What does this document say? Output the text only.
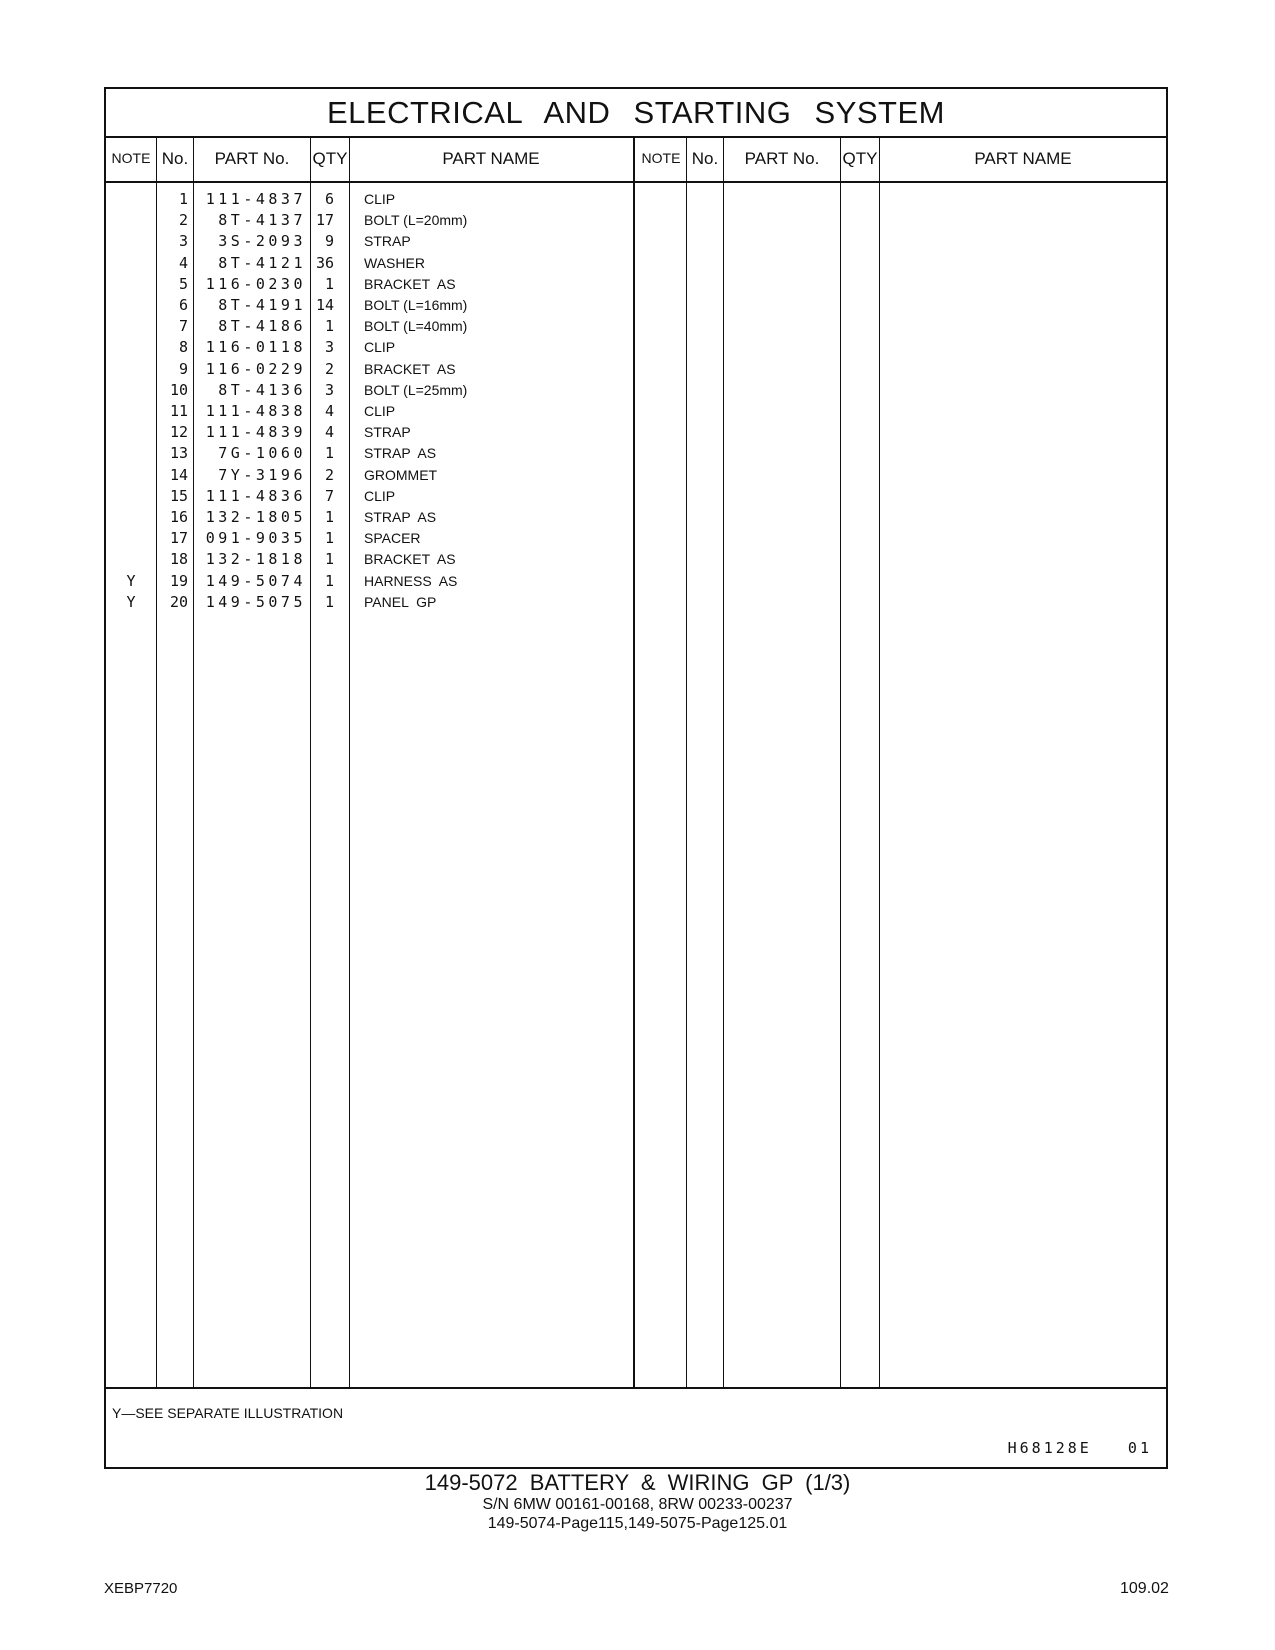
ELECTRICAL AND STARTING SYSTEM
NOTE No.	PART No.	QTY	PART NAME	NOTE No.	PART No.	QTY	PART NAME
1	111-4837	6 CLIP
2	8T-4137 17 BOLT (L=20mm)
3	3S-2093	9 STRAP
4	8T-4121 36 WASHER
5	116-0230	1 BRACKET  AS
6	8T-4191 14 BOLT (L=16mm)
7	8T-4186	1 BOLT (L=40mm)
8	116-0118	3 CLIP
9	116-0229	2 BRACKET  AS
10	8T-4136	3 BOLT (L=25mm)
11	111-4838	4 CLIP
12	111-4839	4 STRAP
13	7G-1060	1 STRAP  AS
14	7Y-3196	2 GROMMET
15	111-4836	7 CLIP
16	132-1805	1 STRAP  AS
17	091-9035	1 SPACER
18	132-1818	1 BRACKET  AS
Y	19	149-5074	1 HARNESS  AS
Y	20	149-5075	1 PANEL  GP
Y—SEE SEPARATE ILLUSTRATION
H68128E   01
149-5072 BATTERY & WIRING GP (1/3)
S/N 6MW 00161-00168, 8RW 00233-00237
149-5074-Page115,149-5075-Page125.01
XEBP7720	109.02
